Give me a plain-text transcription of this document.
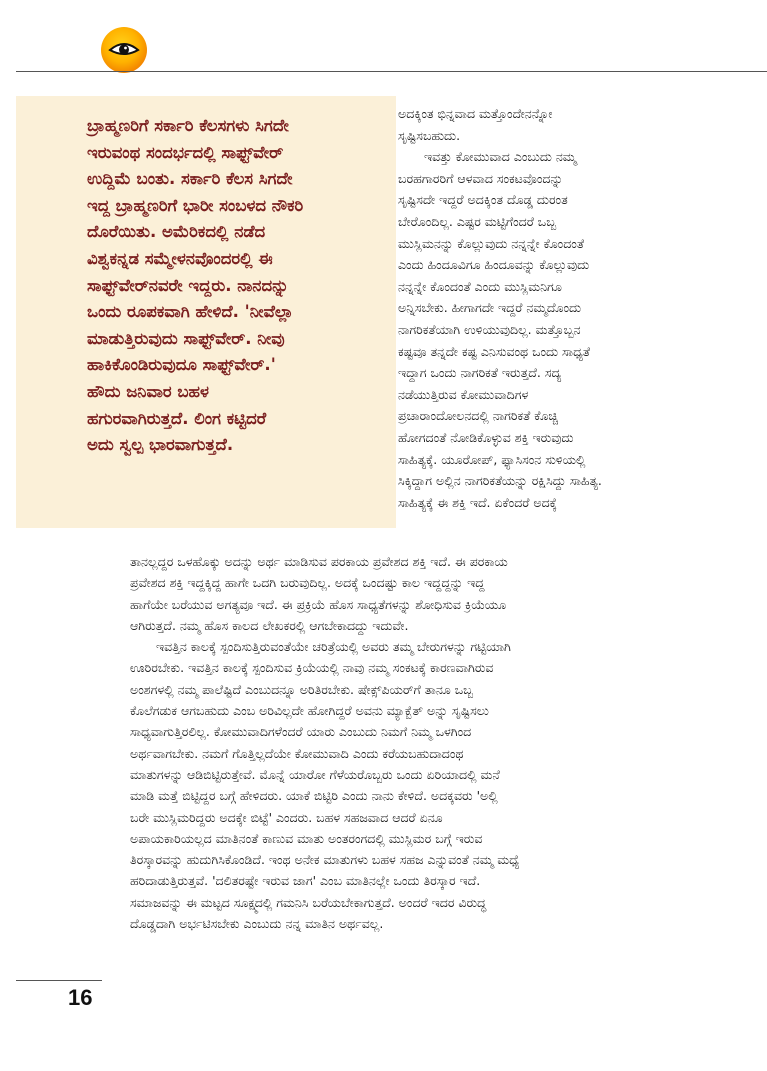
ಬ್ರಾಹ್ಮಣರಿಗೆ ಸರ್ಕಾರಿ ಕೆಲಸಗಳು ಸಿಗದೇ
ಇರುವಂಥ ಸಂದರ್ಭದಲ್ಲಿ ಸಾಫ್ಟ್‌ವೇರ್
ಉದ್ದಿಮೆ ಬಂತು. ಸರ್ಕಾರಿ ಕೆಲಸ ಸಿಗದೇ
ಇದ್ದ ಬ್ರಾಹ್ಮಣರಿಗೆ ಭಾರೀ ಸಂಬಳದ ನೌಕರಿ
ದೊರೆಯಿತು. ಅಮೆರಿಕದಲ್ಲಿ ನಡೆದ
ವಿಶ್ವಕನ್ನಡ ಸಮ್ಮೇಳನವೊಂದರಲ್ಲಿ ಈ
ಸಾಫ್ಟ್‌ವೇರ್‌ನವರೇ ಇದ್ದರು. ನಾನದನ್ನು
ಒಂದು ರೂಪಕವಾಗಿ ಹೇಳಿದೆ. 'ನೀವೆಲ್ಲಾ
ಮಾಡುತ್ತಿರುವುದು ಸಾಫ್ಟ್‌ವೇರ್. ನೀವು
ಹಾಕಿಕೊಂಡಿರುವುದೂ ಸಾಫ್ಟ್‌ವೇರ್.'
ಹೌದು ಜನಿವಾರ ಬಹಳ
ಹಗುರವಾಗಿರುತ್ತದೆ. ಲಿಂಗ ಕಟ್ಟಿದರೆ
ಅದು ಸ್ವಲ್ಪ ಭಾರವಾಗುತ್ತದೆ.

ಅದಕ್ಕಿಂತ ಭಿನ್ನವಾದ ಮತ್ತೊಂದೇನನ್ನೋ
ಸೃಷ್ಟಿಸಬಹುದು.
ಇವತ್ತು ಕೋಮುವಾದ ಎಂಬುದು ನಮ್ಮ
ಬರಹಗಾರರಿಗೆ ಆಳವಾದ ಸಂಕಟವೊಂದನ್ನು
ಸೃಷ್ಟಿಸದೇ ಇದ್ದರೆ ಅದಕ್ಕಿಂತ ದೊಡ್ಡ ದುರಂತ
ಬೇರೊಂದಿಲ್ಲ. ಎಷ್ಟರ ಮಟ್ಟಿಗೆಂದರೆ ಒಬ್ಬ
ಮುಸ್ಲಿಮನನ್ನು ಕೊಲ್ಲುವುದು ನನ್ನನ್ನೇ ಕೊಂದಂತೆ
ಎಂದು ಹಿಂದೂವಿಗೂ ಹಿಂದೂವನ್ನು ಕೊಲ್ಲುವುದು
ನನ್ನನ್ನೇ ಕೊಂದಂತೆ ಎಂದು ಮುಸ್ಲಿಮನಿಗೂ
ಅನ್ನಿಸಬೇಕು. ಹೀಗಾಗದೇ ಇದ್ದರೆ ನಮ್ಮದೊಂದು
ನಾಗರಿಕತೆಯಾಗಿ ಉಳಿಯುವುದಿಲ್ಲ. ಮತ್ತೊಬ್ಬನ
ಕಷ್ಟವೂ ತನ್ನದೇ ಕಷ್ಟ ಎನಿಸುವಂಥ ಒಂದು ಸಾಧ್ಯತೆ
ಇದ್ದಾಗ ಒಂದು ನಾಗರಿಕತೆ ಇರುತ್ತದೆ. ಸದ್ಯ
ನಡೆಯುತ್ತಿರುವ ಕೋಮುವಾದಿಗಳ
ಪ್ರಚಾರಾಂದೋಲನದಲ್ಲಿ ನಾಗರಿಕತೆ ಕೊಚ್ಚಿ
ಹೋಗದಂತೆ ನೋಡಿಕೊಳ್ಳುವ ಶಕ್ತಿ ಇರುವುದು
ಸಾಹಿತ್ಯಕ್ಕೆ. ಯೂರೋಪ್, ಫ್ಯಾಸಿಸಂನ ಸುಳಿಯಲ್ಲಿ
ಸಿಕ್ಕಿದ್ದಾಗ ಅಲ್ಲಿನ ನಾಗರಿಕತೆಯನ್ನು ರಕ್ಷಿಸಿದ್ದು ಸಾಹಿತ್ಯ.
ಸಾಹಿತ್ಯಕ್ಕೆ ಈ ಶಕ್ತಿ ಇದೆ. ಏಕೆಂದರೆ ಅದಕ್ಕೆ

ತಾನಲ್ಲದ್ದರ ಒಳಹೊಕ್ಕು ಅದನ್ನು ಅರ್ಥ ಮಾಡಿಸುವ ಪರಕಾಯ ಪ್ರವೇಶದ ಶಕ್ತಿ ಇದೆ. ಈ ಪರಕಾಯ
ಪ್ರವೇಶದ ಶಕ್ತಿ ಇದ್ದಕ್ಕಿದ್ದ ಹಾಗೇ ಒದಗಿ ಬರುವುದಿಲ್ಲ. ಅದಕ್ಕೆ ಒಂದಷ್ಟು ಕಾಲ ಇದ್ದದ್ದನ್ನು ಇದ್ದ
ಹಾಗೆಯೇ ಬರೆಯುವ ಅಗತ್ಯವೂ ಇದೆ. ಈ ಪ್ರಕ್ರಿಯೆ ಹೊಸ ಸಾಧ್ಯತೆಗಳನ್ನು ಶೋಧಿಸುವ ಕ್ರಿಯೆಯೂ
ಆಗಿರುತ್ತದೆ. ನಮ್ಮ ಹೊಸ ಕಾಲದ ಲೇಖಕರಲ್ಲಿ ಆಗಬೇಕಾದದ್ದು ಇದುವೇ.
ಇವತ್ತಿನ ಕಾಲಕ್ಕೆ ಸ್ಪಂದಿಸುತ್ತಿರುವಂತೆಯೇ ಚರಿತ್ರೆಯಲ್ಲಿ ಅವರು ತಮ್ಮ ಬೇರುಗಳನ್ನು ಗಟ್ಟಿಯಾಗಿ
ಊರಿರಬೇಕು. ಇವತ್ತಿನ ಕಾಲಕ್ಕೆ ಸ್ಪಂದಿಸುವ ಕ್ರಿಯೆಯಲ್ಲಿ ನಾವು ನಮ್ಮ ಸಂಕಟಕ್ಕೆ ಕಾರಣವಾಗಿರುವ
ಅಂಶಗಳಲ್ಲಿ ನಮ್ಮ ಪಾಲೆಷ್ಟಿದೆ ಎಂಬುದನ್ನೂ ಅರಿತಿರಬೇಕು. ಷೇಕ್ಸ್‌ಪಿಯರ್‌ಗೆ ತಾನೂ ಒಬ್ಬ
ಕೊಲೆಗಡುಕ ಆಗಬಹುದು ಎಂಬ ಅರಿವಿಲ್ಲದೇ ಹೋಗಿದ್ದರೆ ಅವನು ಮ್ಯಾಕ್ಬೆತ್ ಅನ್ನು ಸೃಷ್ಟಿಸಲು
ಸಾಧ್ಯವಾಗುತ್ತಿರಲಿಲ್ಲ. ಕೋಮುವಾದಿಗಳೆಂದರೆ ಯಾರು ಎಂಬುದು ನಿಮಗೆ ನಿಮ್ಮ ಒಳಗಿಂದ
ಅರ್ಥವಾಗಬೇಕು. ನಮಗೆ ಗೊತ್ತಿಲ್ಲದೆಯೇ ಕೋಮುವಾದಿ ಎಂದು ಕರೆಯಬಹುದಾದಂಥ
ಮಾತುಗಳನ್ನು ಆಡಿಬಿಟ್ಟಿರುತ್ತೇವೆ. ಮೊನ್ನೆ ಯಾರೋ ಗೆಳೆಯರೊಬ್ಬರು ಒಂದು ಏರಿಯಾದಲ್ಲಿ ಮನೆ
ಮಾಡಿ ಮತ್ತೆ ಬಿಟ್ಟಿದ್ದರ ಬಗ್ಗೆ ಹೇಳಿದರು. ಯಾಕೆ ಬಿಟ್ಟಿರಿ ಎಂದು ನಾನು ಕೇಳಿದೆ. ಅದಕ್ಕವರು 'ಅಲ್ಲಿ
ಬರೇ ಮುಸ್ಲಿಮರಿದ್ದರು ಅದಕ್ಕೇ ಬಿಟ್ಟೆ' ಎಂದರು. ಬಹಳ ಸಹಜವಾದ ಆದರೆ ಏನೂ
ಅಪಾಯಕಾರಿಯಲ್ಲದ ಮಾತಿನಂತೆ ಕಾಣುವ ಮಾತು ಅಂತರಂಗದಲ್ಲಿ ಮುಸ್ಲಿಮರ ಬಗ್ಗೆ ಇರುವ
ತಿರಸ್ಕಾರವನ್ನು ಹುದುಗಿಸಿಕೊಂಡಿದೆ. ಇಂಥ ಅನೇಕ ಮಾತುಗಳು ಬಹಳ ಸಹಜ ಎನ್ನುವಂತೆ ನಮ್ಮ ಮಧ್ಯೆ
ಹರಿದಾಡುತ್ತಿರುತ್ತವೆ. 'ದಲಿತರಷ್ಟೇ ಇರುವ ಜಾಗ' ಎಂಬ ಮಾತಿನಲ್ಲೇ ಒಂದು ತಿರಸ್ಕಾರ ಇದೆ.
ಸಮಾಜವನ್ನು ಈ ಮಟ್ಟದ ಸೂಕ್ಷ್ಮದಲ್ಲಿ ಗಮನಿಸಿ ಬರೆಯಬೇಕಾಗುತ್ತದೆ. ಅಂದರೆ ಇದರ ವಿರುದ್ಧ
ದೊಡ್ಡದಾಗಿ ಅರ್ಭಟಿಸಬೇಕು ಎಂಬುದು ನನ್ನ ಮಾತಿನ ಅರ್ಥವಲ್ಲ.

16
